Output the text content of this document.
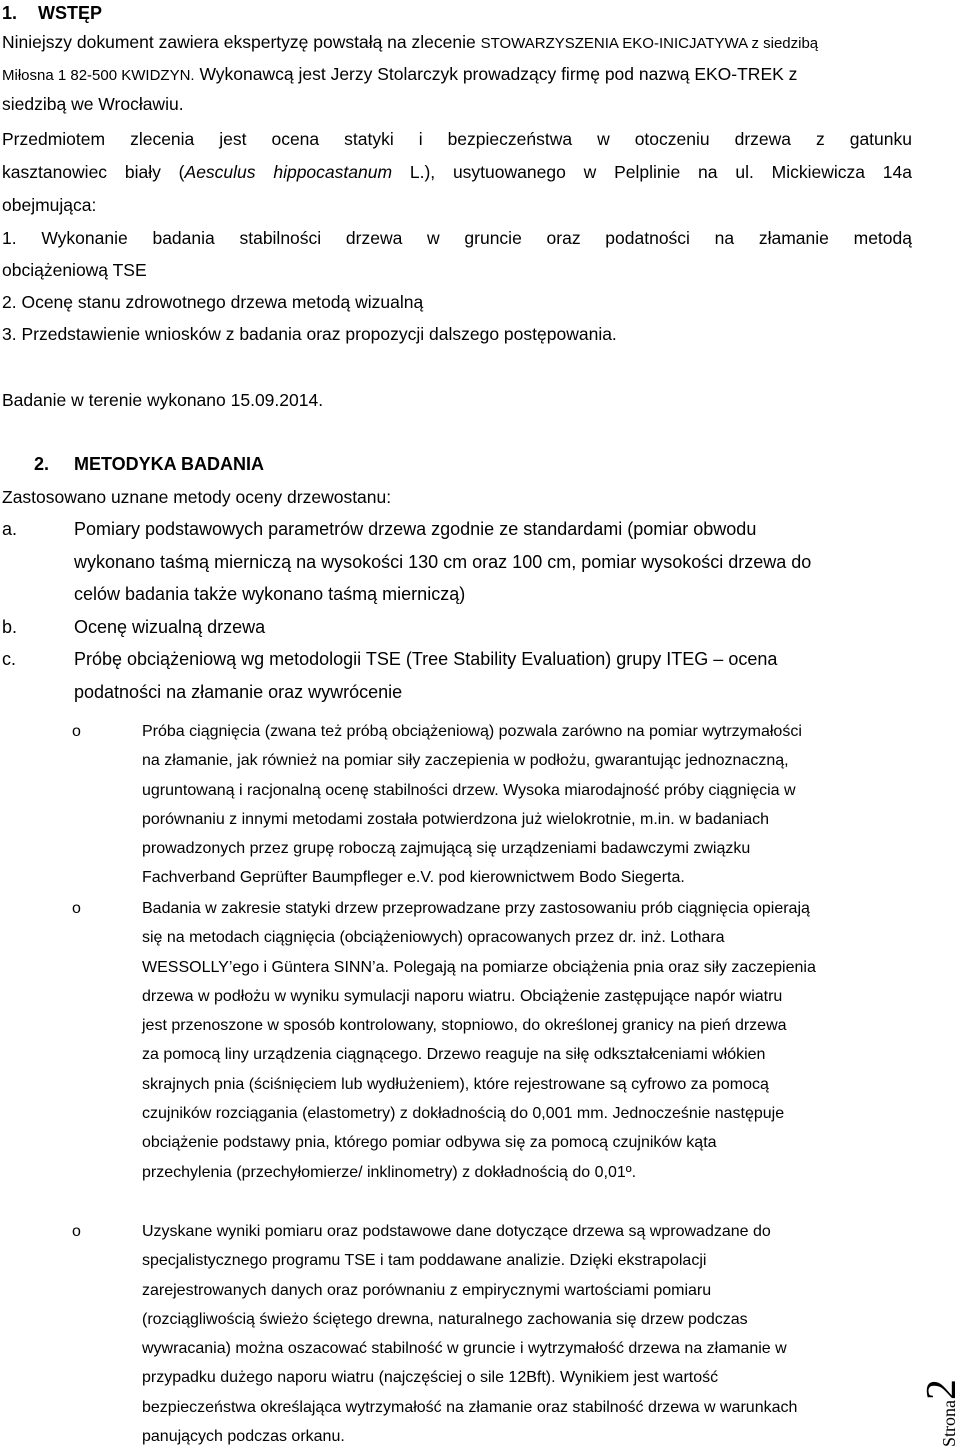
1. WSTĘP
Niniejszy dokument zawiera ekspertyzę powstałą na zlecenie STOWARZYSZENIA EKO-INICJATYWA z siedzibą
Miłosna 1 82-500 KWIDZYN. Wykonawcą jest Jerzy Stolarczyk prowadzący firmę pod nazwą EKO-TREK z
siedzibą we Wrocławiu.
Przedmiotem zlecenia jest ocena statyki i bezpieczeństwa w otoczeniu drzewa z gatunku
kasztanowiec biały (Aesculus hippocastanum L.), usytuowanego w Pelplinie na ul. Mickiewicza 14a
obejmująca:
1. Wykonanie badania stabilności drzewa w gruncie oraz podatności na złamanie metodą
obciążeniową TSE
2. Ocenę stanu zdrowotnego drzewa metodą wizualną
3. Przedstawienie wniosków z badania oraz propozycji dalszego postępowania.
Badanie w terenie wykonano 15.09.2014.
2. METODYKA BADANIA
Zastosowano uznane metody oceny drzewostanu:
a.	Pomiary podstawowych parametrów drzewa zgodnie ze standardami (pomiar obwodu
wykonano taśmą mierniczą na wysokości 130 cm oraz 100 cm, pomiar wysokości drzewa do
celów badania także wykonano taśmą mierniczą)
b.	Ocenę wizualną drzewa
c.	Próbę obciążeniową wg metodologii TSE (Tree Stability Evaluation) grupy ITEG – ocena
podatności na złamanie oraz wywrócenie
o	Próba ciągnięcia (zwana też próbą obciążeniową) pozwala zarówno na pomiar wytrzymałości
na złamanie, jak również na pomiar siły zaczepienia w podłożu, gwarantując jednoznaczną,
ugruntowaną i racjonalną ocenę stabilności drzew. Wysoka miarodajność próby ciągnięcia w
porównaniu z innymi metodami została potwierdzona już wielokrotnie, m.in. w badaniach
prowadzonych przez grupę roboczą zajmującą się urządzeniami badawczymi związku
Fachverband Geprüfter Baumpfleger e.V. pod kierownictwem Bodo Siegerta.
o	Badania w zakresie statyki drzew przeprowadzane przy zastosowaniu prób ciągnięcia opierają
się na metodach ciągnięcia (obciążeniowych) opracowanych przez dr. inż. Lothara
WESSOLLY’ego i Güntera SINN’a. Polegają na pomiarze obciążenia pnia oraz siły zaczepienia
drzewa w podłożu w wyniku symulacji naporu wiatru. Obciążenie zastępujące napór wiatru
jest przenoszone w sposób kontrolowany, stopniowo, do określonej granicy na pień drzewa
za pomocą liny urządzenia ciągnącego. Drzewo reaguje na siłę odkształceniami włókien
skrajnych pnia (ściśnięciem lub wydłużeniem), które rejestrowane są cyfrowo za pomocą
czujników rozciągania (elastometry) z dokładnością do 0,001 mm. Jednocześnie następuje
obciążenie podstawy pnia, którego pomiar odbywa się za pomocą czujników kąta
przechylenia (przechyłomierze/ inklinometry) z dokładnością do 0,01º.
o	Uzyskane wyniki pomiaru oraz podstawowe dane dotyczące drzewa są wprowadzane do
specjalistycznego programu TSE i tam poddawane analizie. Dzięki ekstrapolacji
zarejestrowanych danych oraz porównaniu z empirycznymi wartościami pomiaru
(rozciągliwością świeżo ściętego drewna, naturalnego zachowania się drzew podczas
wywracania) można oszacować stabilność w gruncie i wytrzymałość drzewa na złamanie w
przypadku dużego naporu wiatru (najczęściej o sile 12Bft). Wynikiem jest wartość
bezpieczeństwa określająca wytrzymałość na złamanie oraz stabilność drzewa w warunkach
panujących podczas orkanu.	Strona2
